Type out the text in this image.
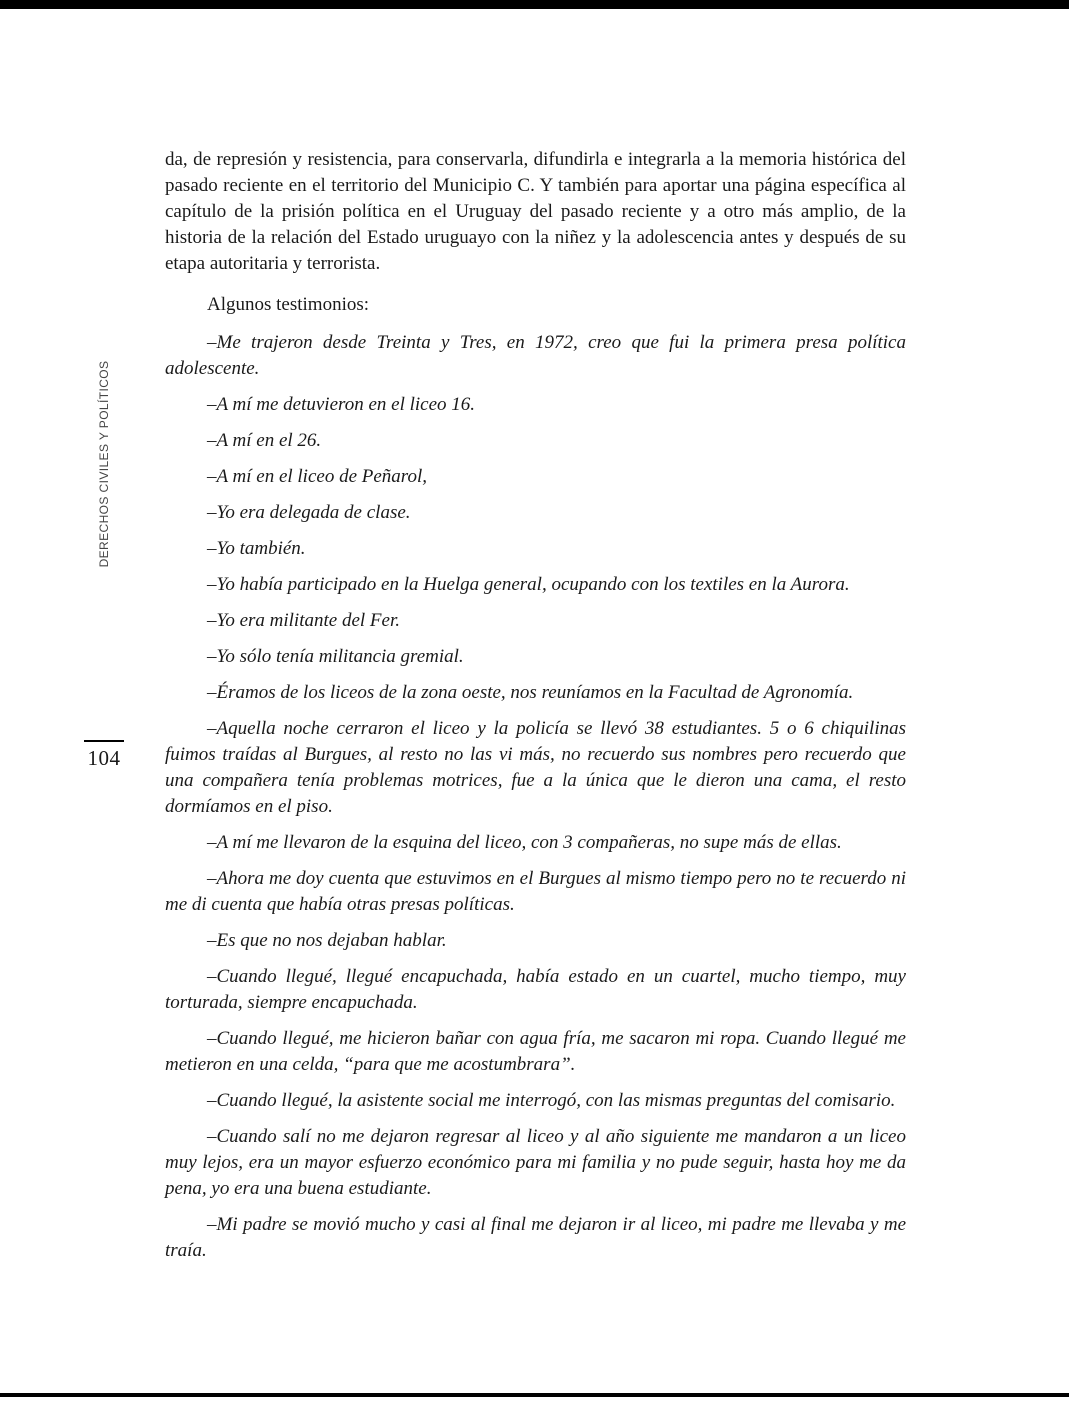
DERECHOS CIVILES Y POLÍTICOS
104

da, de represión y resistencia, para conservarla, difundirla e integrarla a la memoria histórica del pasado reciente en el territorio del Municipio C. Y también para aportar una página específica al capítulo de la prisión política en el Uruguay del pasado reciente y a otro más amplio, de la historia de la relación del Estado uruguayo con la niñez y la adolescencia antes y después de su etapa autoritaria y terrorista.

Algunos testimonios:

–Me trajeron desde Treinta y Tres, en 1972, creo que fui la primera presa política adolescente.

–A mí me detuvieron en el liceo 16.

–A mí en el 26.

–A mí en el liceo de Peñarol,

–Yo era delegada de clase.

–Yo también.

–Yo había participado en la Huelga general, ocupando con los textiles en la Aurora.

–Yo era militante del Fer.

–Yo sólo tenía militancia gremial.

–Éramos de los liceos de la zona oeste, nos reuníamos en la Facultad de Agronomía.

–Aquella noche cerraron el liceo y la policía se llevó 38 estudiantes. 5 o 6 chiquilinas fuimos traídas al Burgues, al resto no las vi más, no recuerdo sus nombres pero recuerdo que una compañera tenía problemas motrices, fue a la única que le dieron una cama, el resto dormíamos en el piso.

–A mí me llevaron de la esquina del liceo, con 3 compañeras, no supe más de ellas.

–Ahora me doy cuenta que estuvimos en el Burgues al mismo tiempo pero no te recuerdo ni me di cuenta que había otras presas políticas.

–Es que no nos dejaban hablar.

–Cuando llegué, llegué encapuchada, había estado en un cuartel, mucho tiempo, muy torturada, siempre encapuchada.

–Cuando llegué, me hicieron bañar con agua fría, me sacaron mi ropa. Cuando llegué me metieron en una celda, “para que me acostumbrara”.

–Cuando llegué, la asistente social me interrogó, con las mismas preguntas del comisario.

–Cuando salí no me dejaron regresar al liceo y al año siguiente me mandaron a un liceo muy lejos, era un mayor esfuerzo económico para mi familia y no pude seguir, hasta hoy me da pena, yo era una buena estudiante.

–Mi padre se movió mucho y casi al final me dejaron ir al liceo, mi padre me llevaba y me traía.
